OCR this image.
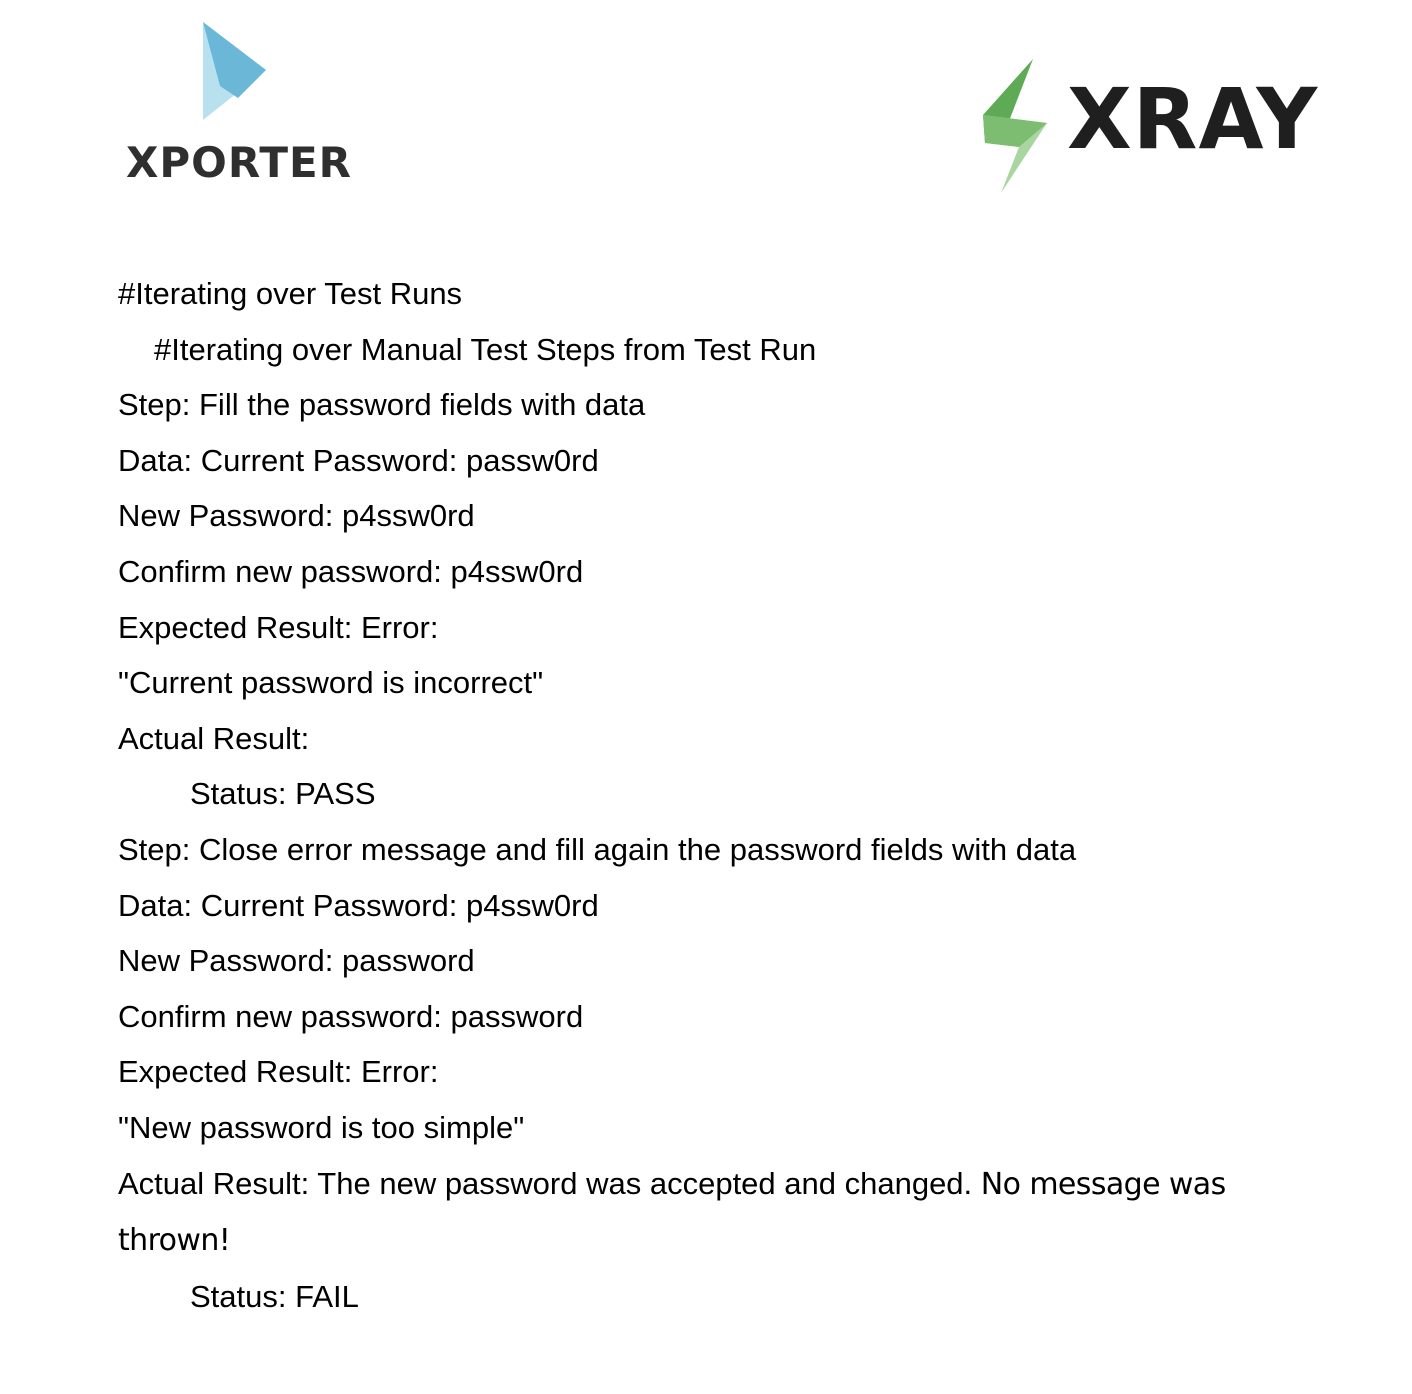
XPORTER	XRAY
#Iterating over Test Runs
#Iterating over Manual Test Steps from Test Run
Step: Fill the password fields with data
Data: Current Password: passw0rd
New Password: p4ssw0rd
Confirm new password: p4ssw0rd
Expected Result: Error:
"Current password is incorrect"
Actual Result:
Status: PASS
Step: Close error message and fill again the password fields with data
Data: Current Password: p4ssw0rd
New Password: password
Confirm new password: password
Expected Result: Error:
"New password is too simple"
Actual Result: The new password was accepted and changed. No message was thrown!
Status: FAIL
